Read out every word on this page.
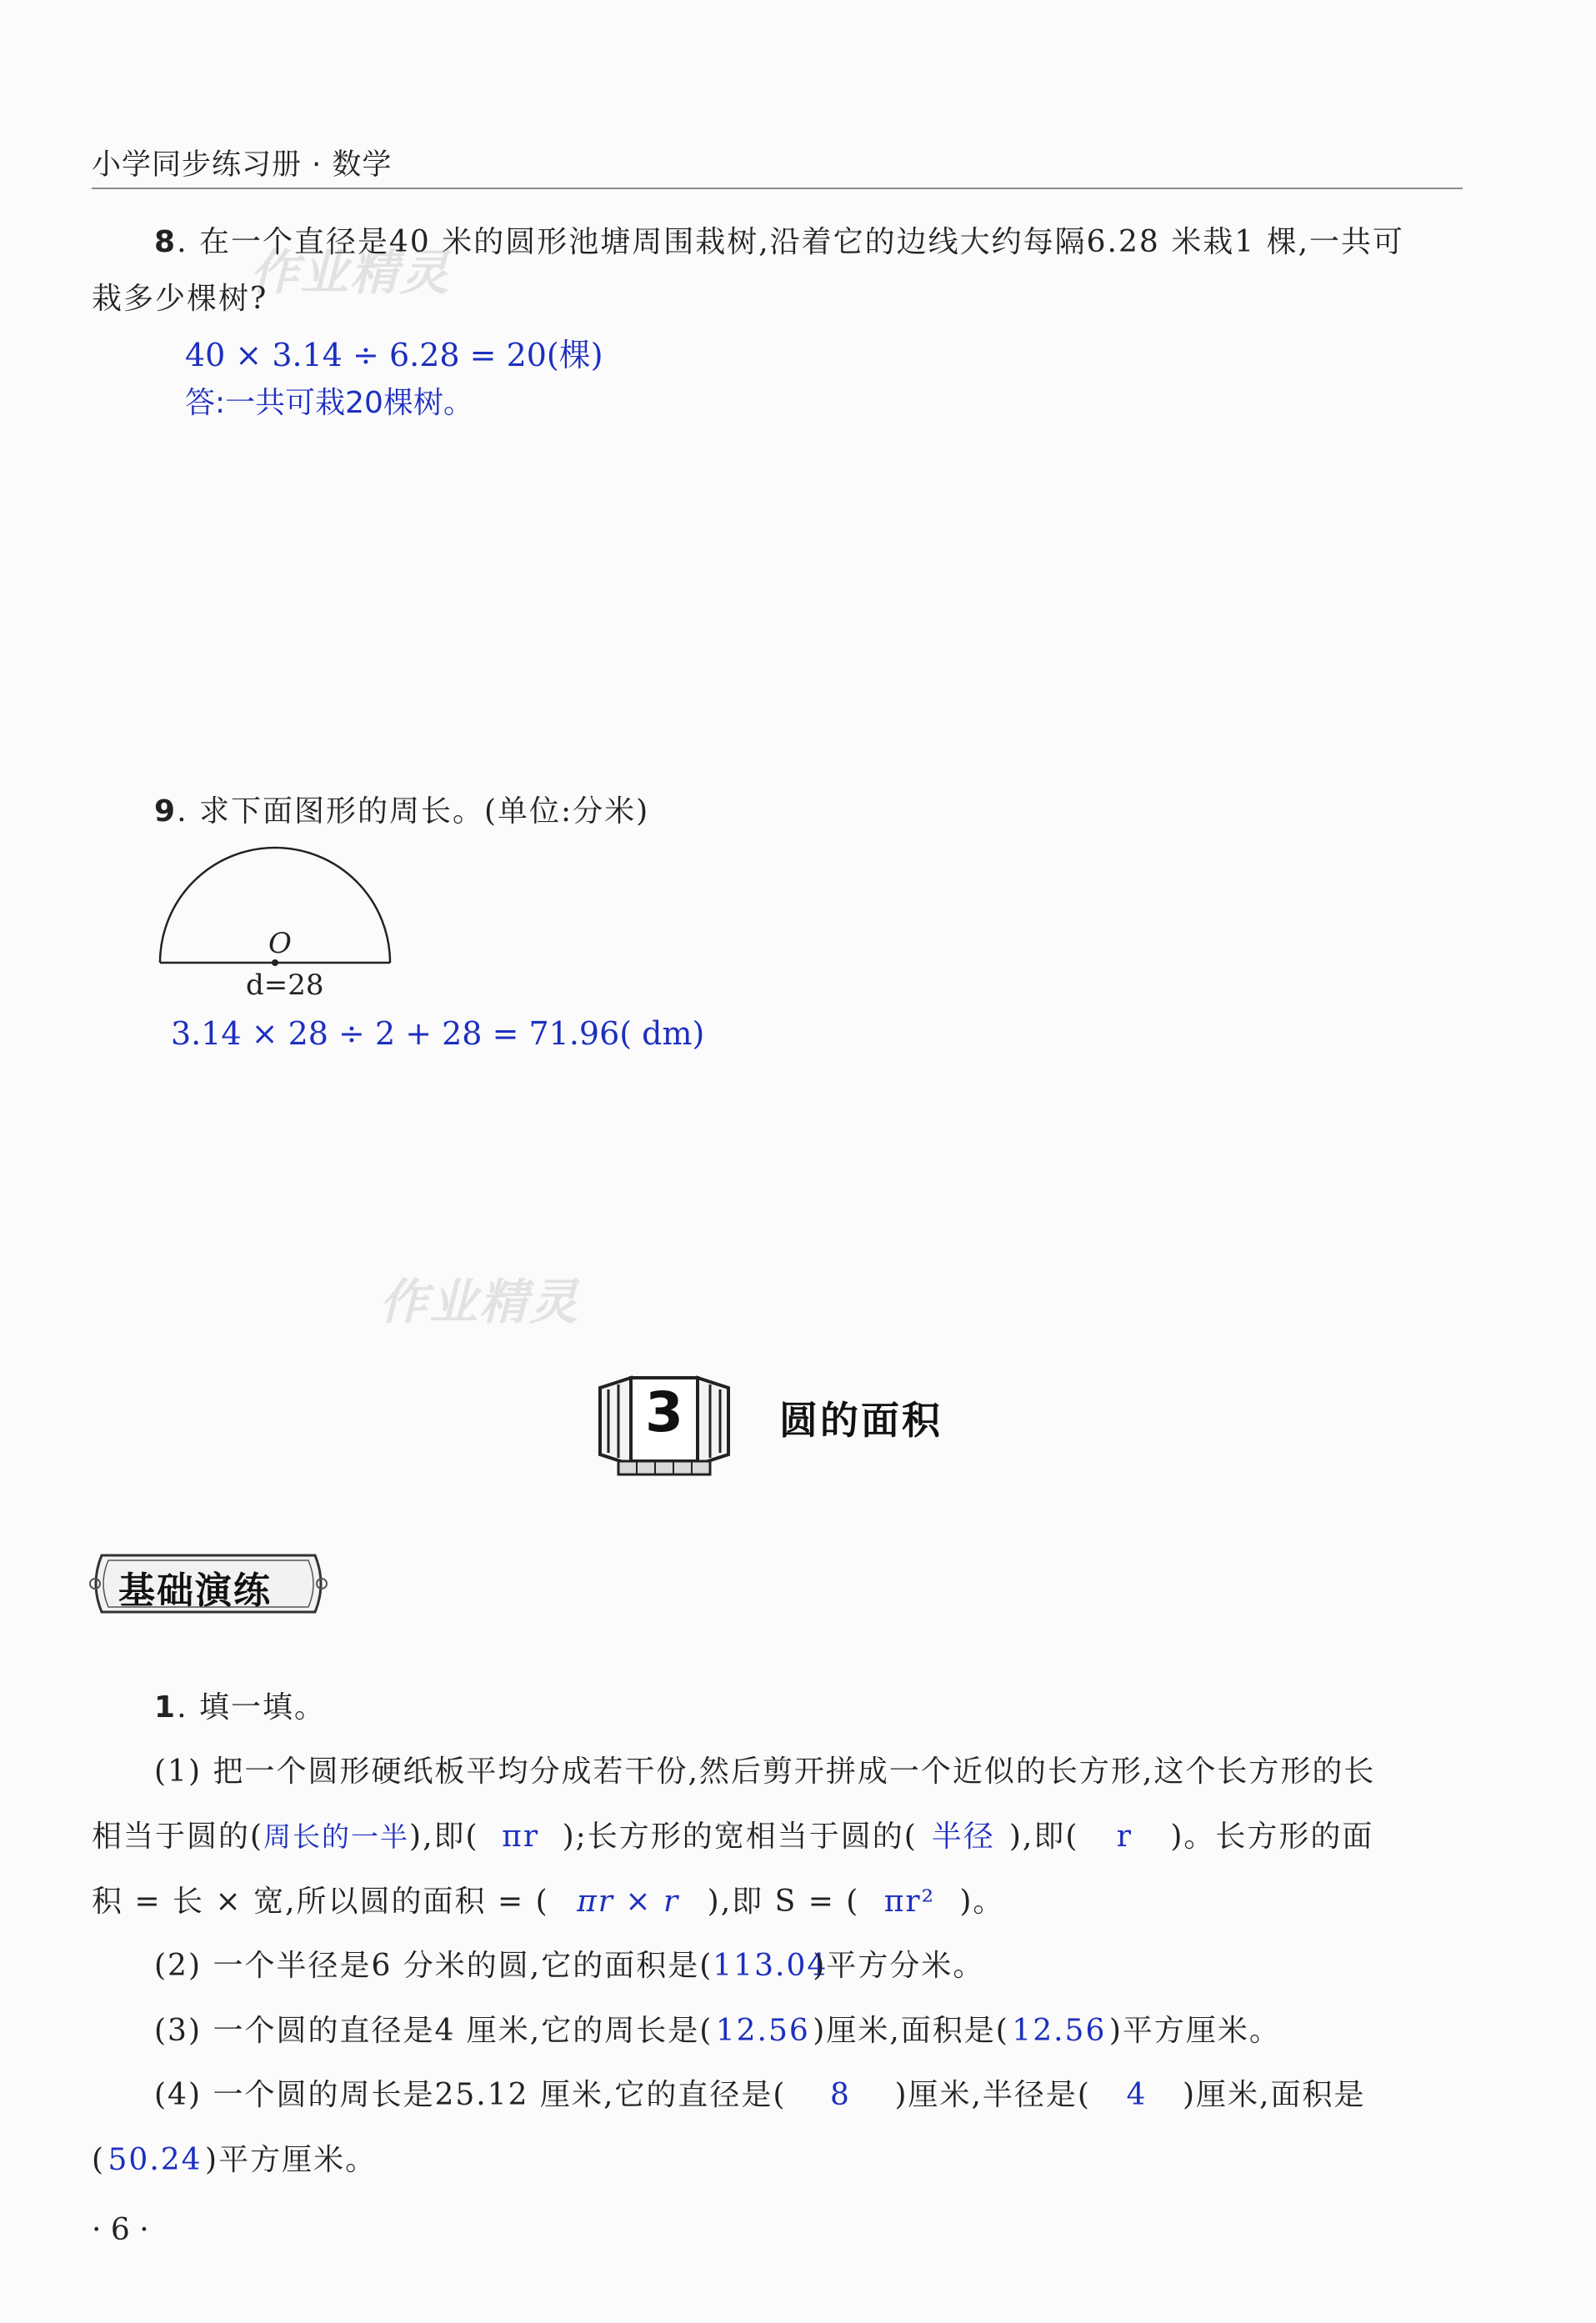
小学同步练习册 · 数学
作业精灵
作业精灵
8. 在一个直径是40 米的圆形池塘周围栽树,沿着它的边线大约每隔6.28 米栽1 棵,一共可
栽多少棵树?
40 × 3.14 ÷ 6.28 = 20(棵)
答:一共可栽20棵树。
9. 求下面图形的周长。(单位:分米)
O
d=28
3.14 × 28 ÷ 2 + 28 = 71.96( dm)
3	圆的面积
基础演练
1. 填一填。
(1) 把一个圆形硬纸板平均分成若干份,然后剪开拼成一个近似的长方形,这个长方形的长
相当于圆的(周长的一半),即( πr );长方形的宽相当于圆的( 半径 ),即( r )。长方形的面
积 = 长 × 宽,所以圆的面积 = ( πr × r ),即 S = ( πr² )。
(2) 一个半径是6 分米的圆,它的面积是(113.04)平方分米。
(3) 一个圆的直径是4 厘米,它的周长是(12.56)厘米,面积是(12.56)平方厘米。
(4) 一个圆的周长是25.12 厘米,它的直径是( 8 )厘米,半径是( 4 )厘米,面积是
(50.24)平方厘米。
· 6 ·
